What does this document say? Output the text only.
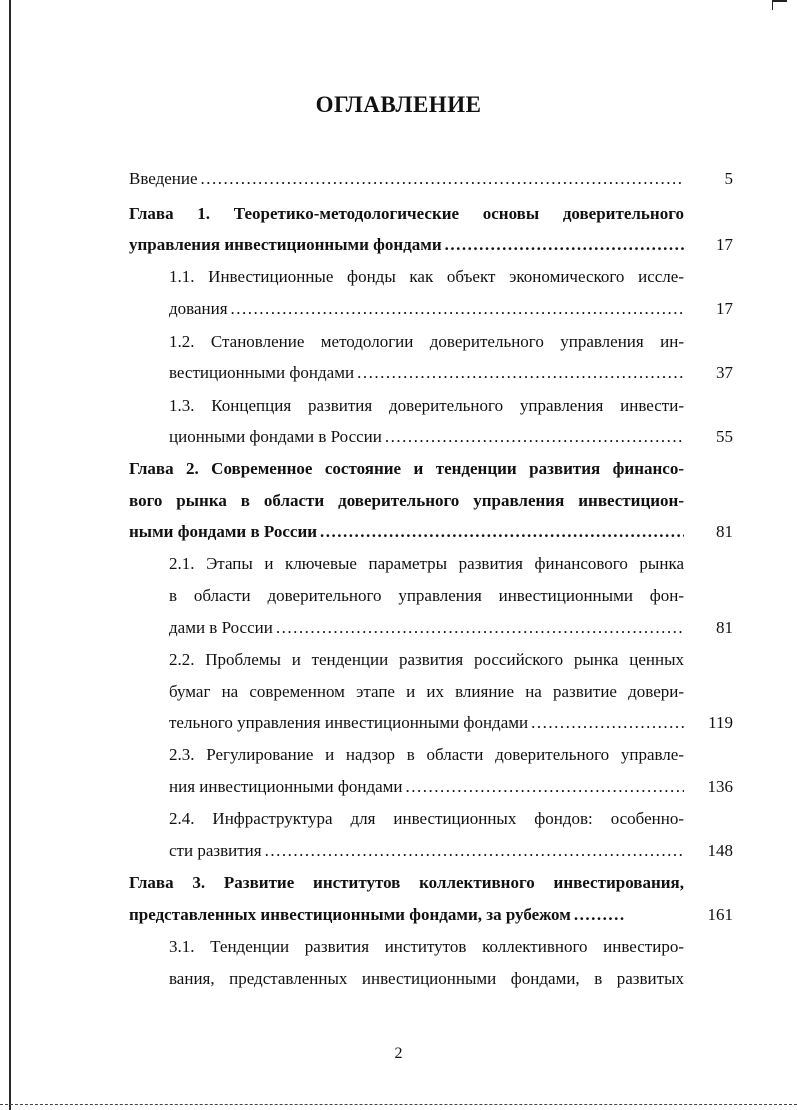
ОГЛАВЛЕНИЕ
Введение .....	5
Глава 1. Теоретико-методологические основы доверительного
управления инвестиционными фондами .....	17
1.1. Инвестиционные фонды как объект экономического иссле-
дования .....	17
1.2. Становление методологии доверительного управления ин-
вестиционными фондами .....	37
1.3. Концепция развития доверительного управления инвести-
ционными фондами в России .....	55
Глава 2. Современное состояние и тенденции развития финансо-
вого рынка в области доверительного управления инвестицион-
ными фондами в России .....	81
2.1. Этапы и ключевые параметры развития финансового рынка
в области доверительного управления инвестиционными фон-
дами в России .....	81
2.2. Проблемы и тенденции развития российского рынка ценных
бумаг на современном этапе и их влияние на развитие довери-
тельного управления инвестиционными фондами .....	119
2.3. Регулирование и надзор в области доверительного управле-
ния инвестиционными фондами .....	136
2.4. Инфраструктура для инвестиционных фондов: особенно-
сти развития .....	148
Глава 3. Развитие институтов коллективного инвестирования,
представленных инвестиционными фондами, за рубежом .....	161
3.1. Тенденции развития институтов коллективного инвестиро-
вания, представленных инвестиционными фондами, в развитых
2
